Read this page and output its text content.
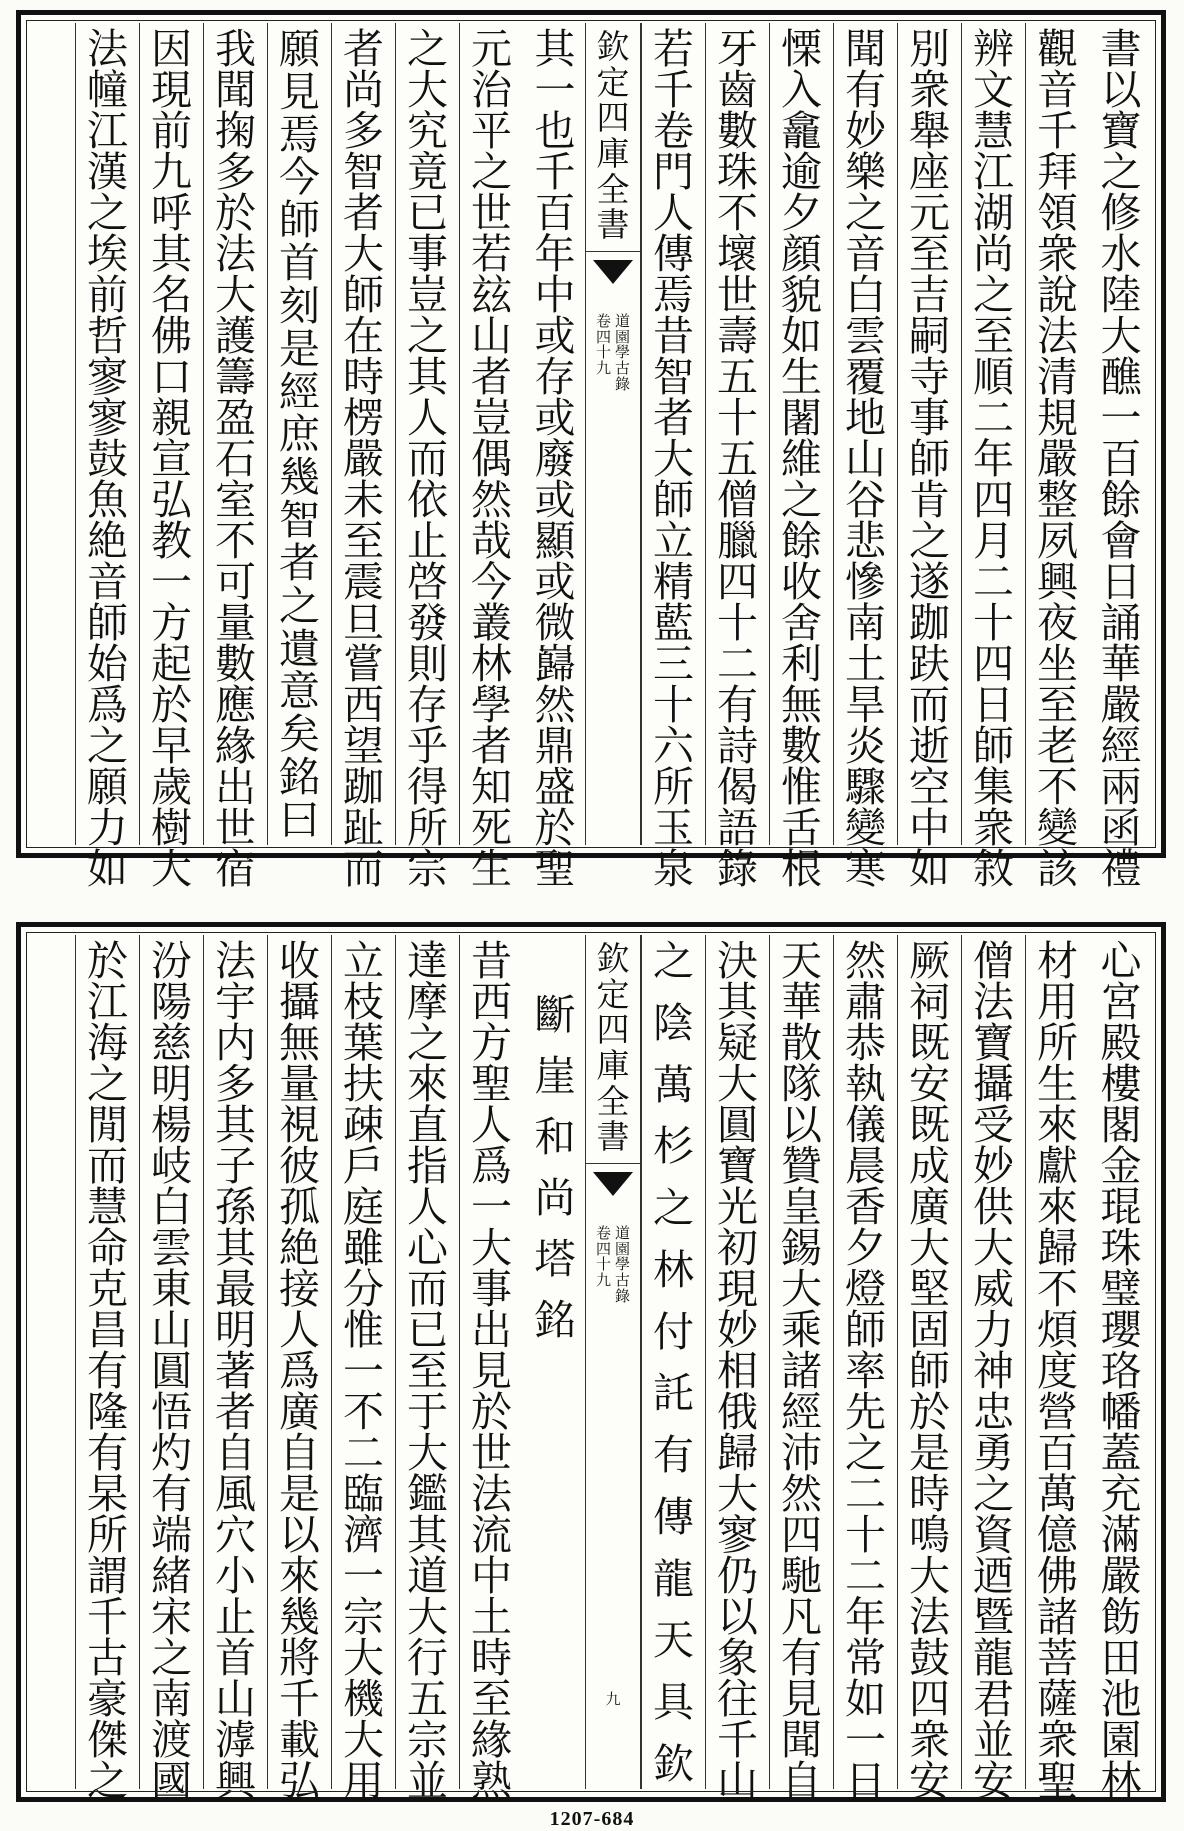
書
以
寶
之
修
水
陸
大
醮
一
百
餘
會
日
誦
華
嚴
經
兩
函
禮
觀
音
千
拜
領
衆
說
法
清
規
嚴
整
夙
興
夜
坐
至
老
不
變
該
辨
文
慧
江
湖
尚
之
至
順
二
年
四
月
二
十
四
日
師
集
衆
敘
別
衆
舉
座
元
至
吉
嗣
寺
事
師
肯
之
遂
跏
趺
而
逝
空
中
如
聞
有
妙
樂
之
音
白
雲
覆
地
山
谷
悲
慘
南
土
旱
炎
驟
變
寒
慄
入
龕
逾
夕
顔
貌
如
生
闍
維
之
餘
收
舍
利
無
數
惟
舌
根
牙
齒
數
珠
不
壞
世
壽
五
十
五
僧
臘
四
十
二
有
詩
偈
語
錄
若
千
卷
門
人
傳
焉
昔
智
者
大
師
立
精
藍
三
十
六
所
玉
泉
欽
定
四
庫
全
書
卷
四
十
九
道
園
學
古
錄
其
一
也
千
百
年
中
或
存
或
廢
或
顯
或
微
巋
然
鼎
盛
於
聖
元
治
平
之
世
若
玆
山
者
豈
偶
然
哉
今
叢
林
學
者
知
死
生
之
大
究
竟
已
事
豈
之
其
人
而
依
止
啓
發
則
存
乎
得
所
宗
者
尚
多
智
者
大
師
在
時
楞
嚴
未
至
震
旦
嘗
西
望
跏
趾
而
願
見
焉
今
師
首
刻
是
經
庶
幾
智
者
之
遺
意
矣
銘
曰
我
聞
掬
多
於
法
大
護
籌
盈
石
室
不
可
量
數
應
緣
出
世
宿
因
現
前
九
呼
其
名
佛
口
親
宣
弘
教
一
方
起
於
早
歲
樹
大
法
幢
江
漢
之
埃
前
哲
寥
寥
鼓
魚
絶
音
師
始
爲
之
願
力
如
心
宮
殿
樓
閣
金
琨
珠
璧
瓔
珞
幡
蓋
充
滿
嚴
飭
田
池
園
林
材
用
所
生
來
獻
來
歸
不
煩
度
營
百
萬
億
佛
諸
菩
薩
衆
聖
僧
法
寶
攝
受
妙
供
大
威
力
神
忠
勇
之
資
迺
暨
龍
君
並
安
厥
祠
既
安
既
成
廣
大
堅
固
師
於
是
時
鳴
大
法
鼓
四
衆
安
然
肅
恭
執
儀
晨
香
夕
燈
師
率
先
之
二
十
二
年
常
如
一
日
天
華
散
隊
以
贊
皇
錫
大
乘
諸
經
沛
然
四
馳
凡
有
見
聞
自
決
其
疑
大
圓
寶
光
初
現
妙
相
俄
歸
大
寥
仍
以
象
往
千
山
之
陰
萬
杉
之
林
付
託
有
傳
龍
天
具
欽
欽
定
四
庫
全
書
卷
四
十
九
道
園
學
古
錄
九
斷
崖
和
尚
塔
銘
昔
西
方
聖
人
爲
一
大
事
出
見
於
世
法
流
中
土
時
至
緣
熟
達
摩
之
來
直
指
人
心
而
已
至
于
大
鑑
其
道
大
行
五
宗
並
立
枝
葉
扶
疎
戶
庭
雖
分
惟
一
不
二
臨
濟
一
宗
大
機
大
用
收
攝
無
量
視
彼
孤
絶
接
人
爲
廣
自
是
以
來
幾
將
千
載
弘
法
宇
内
多
其
子
孫
其
最
明
著
者
自
風
穴
小
止
首
山
滹
興
汾
陽
慈
明
楊
岐
白
雲
東
山
圓
悟
灼
有
端
緒
宋
之
南
渡
國
於
江
海
之
閒
而
慧
命
克
昌
有
隆
有
杲
所
謂
千
古
豪
傑
之
1207-684
